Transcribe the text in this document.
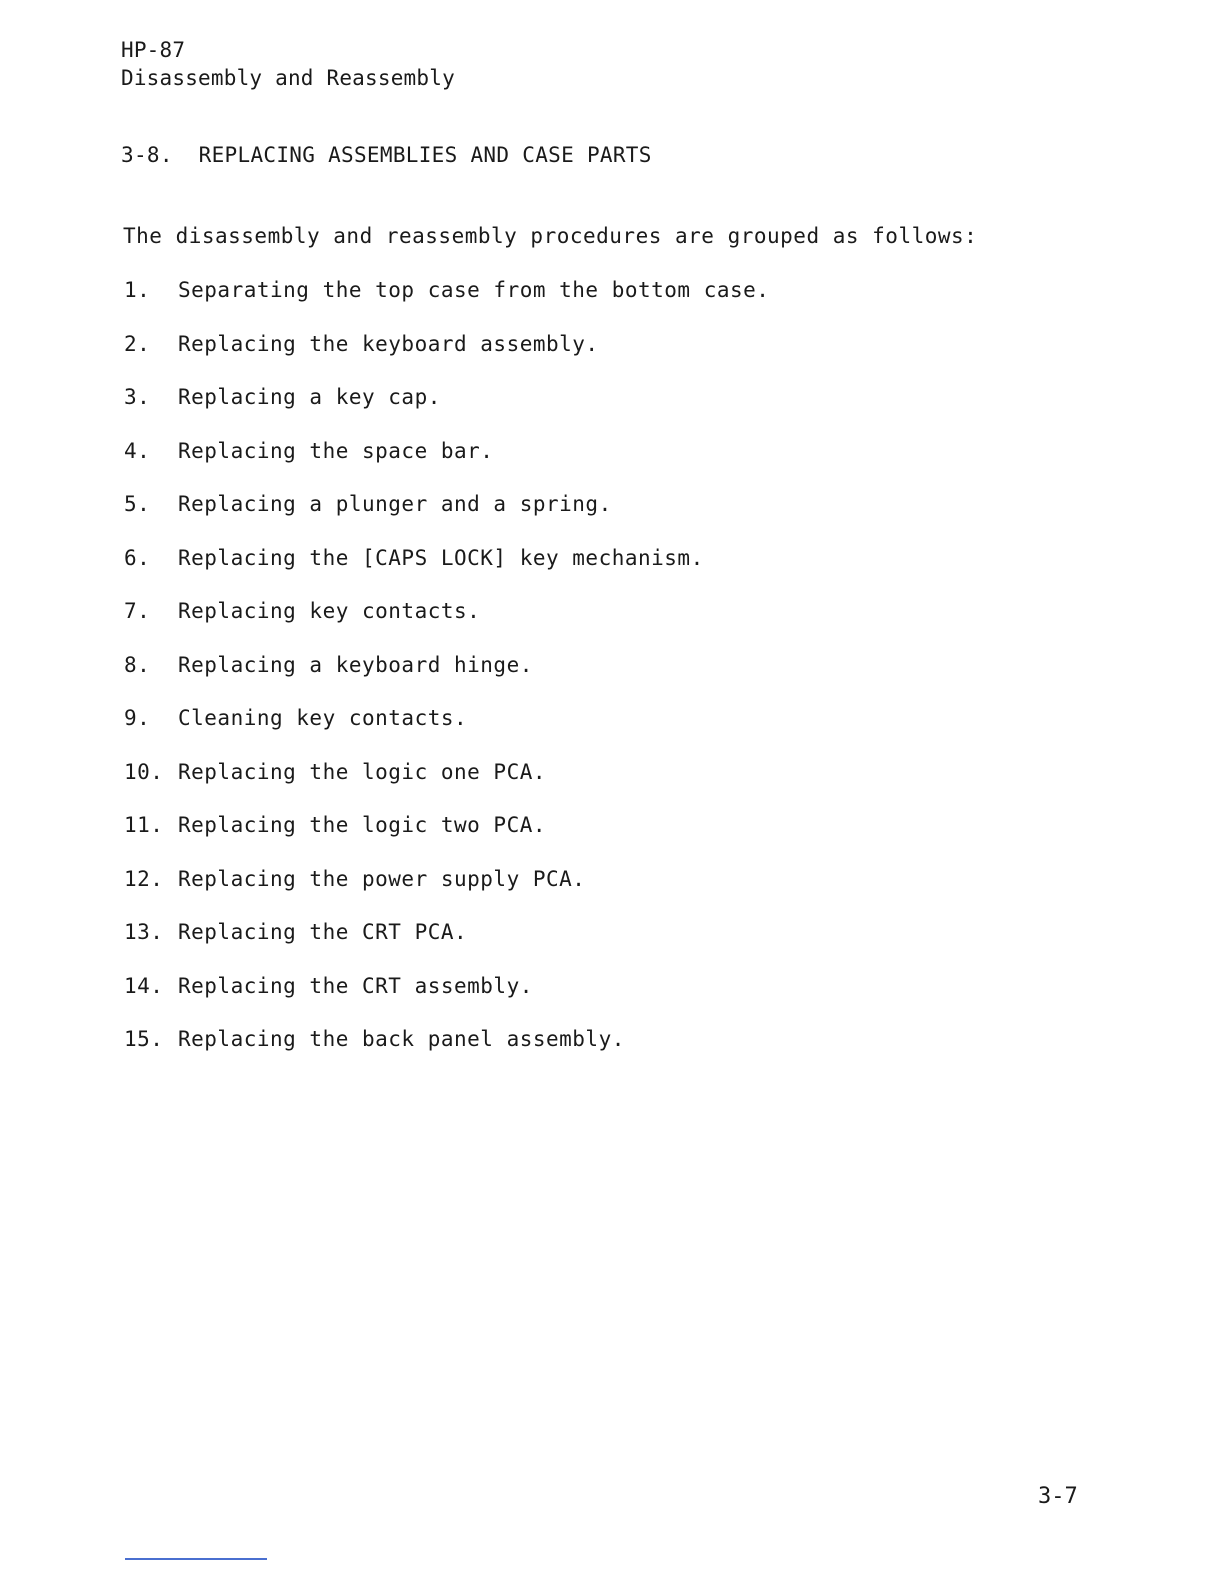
HP-87
Disassembly and Reassembly
3-8. REPLACING ASSEMBLIES AND CASE PARTS
The disassembly and reassembly procedures are grouped as follows:
1.	Separating the top case from the bottom case.
2.	Replacing the keyboard assembly.
3.	Replacing a key cap.
4.	Replacing the space bar.
5.	Replacing a plunger and a spring.
6.	Replacing the [CAPS LOCK] key mechanism.
7.	Replacing key contacts.
8.	Replacing a keyboard hinge.
9.	Cleaning key contacts.
10. Replacing the logic one PCA.
11. Replacing the logic two PCA.
12. Replacing the power supply PCA.
13. Replacing the CRT PCA.
14. Replacing the CRT assembly.
15. Replacing the back panel assembly.
3-7
